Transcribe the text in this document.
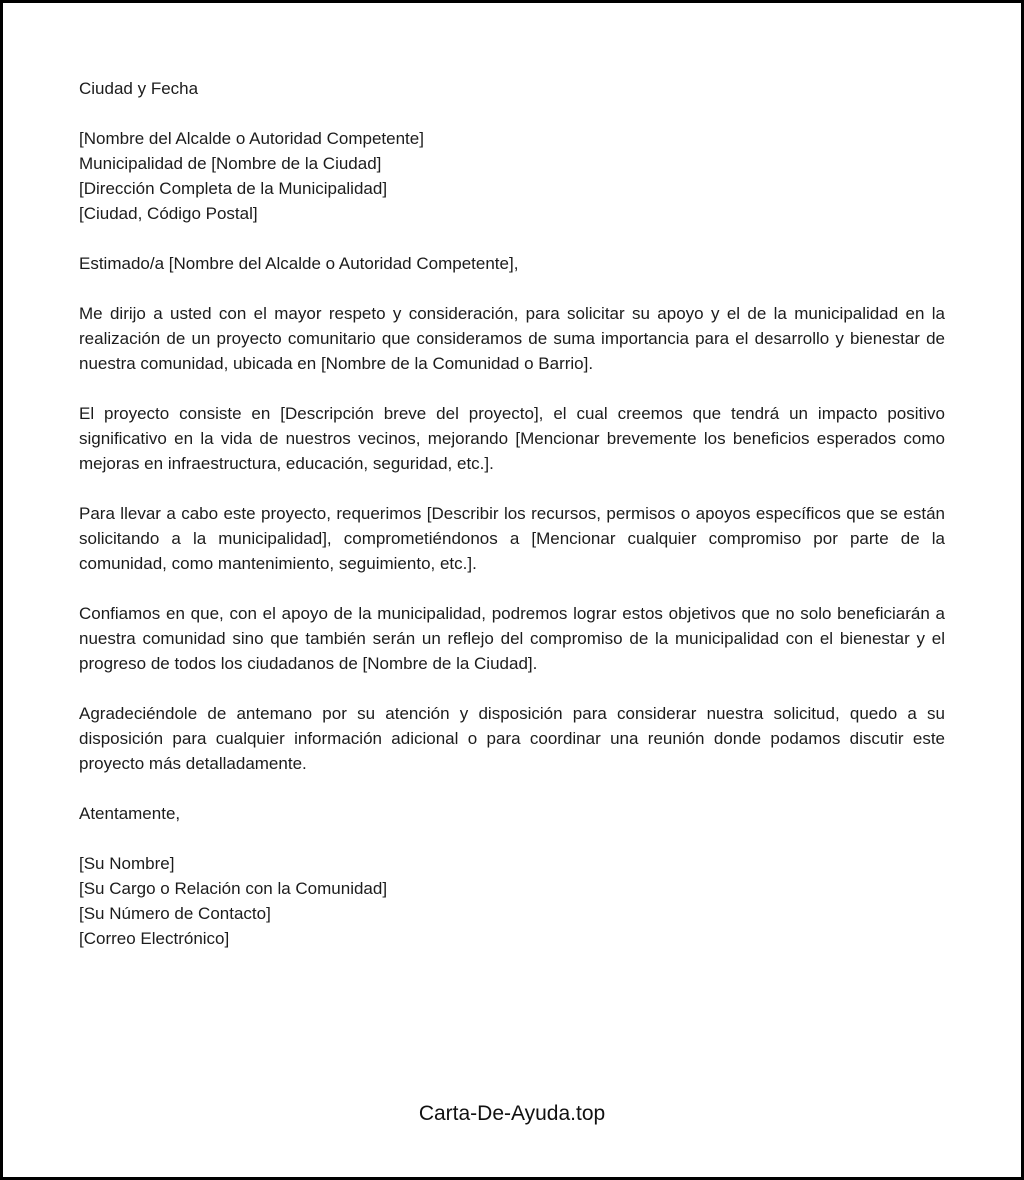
Ciudad y Fecha

[Nombre del Alcalde o Autoridad Competente]

Municipalidad de [Nombre de la Ciudad]

[Dirección Completa de la Municipalidad]

[Ciudad, Código Postal]

Estimado/a [Nombre del Alcalde o Autoridad Competente],

Me dirijo a usted con el mayor respeto y consideración, para solicitar su apoyo y el de la municipalidad en la realización de un proyecto comunitario que consideramos de suma importancia para el desarrollo y bienestar de nuestra comunidad, ubicada en [Nombre de la Comunidad o Barrio].

El proyecto consiste en [Descripción breve del proyecto], el cual creemos que tendrá un impacto positivo significativo en la vida de nuestros vecinos, mejorando [Mencionar brevemente los beneficios esperados como mejoras en infraestructura, educación, seguridad, etc.].

Para llevar a cabo este proyecto, requerimos [Describir los recursos, permisos o apoyos específicos que se están solicitando a la municipalidad], comprometiéndonos a [Mencionar cualquier compromiso por parte de la comunidad, como mantenimiento, seguimiento, etc.].

Confiamos en que, con el apoyo de la municipalidad, podremos lograr estos objetivos que no solo beneficiarán a nuestra comunidad sino que también serán un reflejo del compromiso de la municipalidad con el bienestar y el progreso de todos los ciudadanos de [Nombre de la Ciudad].

Agradeciéndole de antemano por su atención y disposición para considerar nuestra solicitud, quedo a su disposición para cualquier información adicional o para coordinar una reunión donde podamos discutir este proyecto más detalladamente.

Atentamente,

[Su Nombre]

[Su Cargo o Relación con la Comunidad]

[Su Número de Contacto]

[Correo Electrónico]

Carta-De-Ayuda.top
